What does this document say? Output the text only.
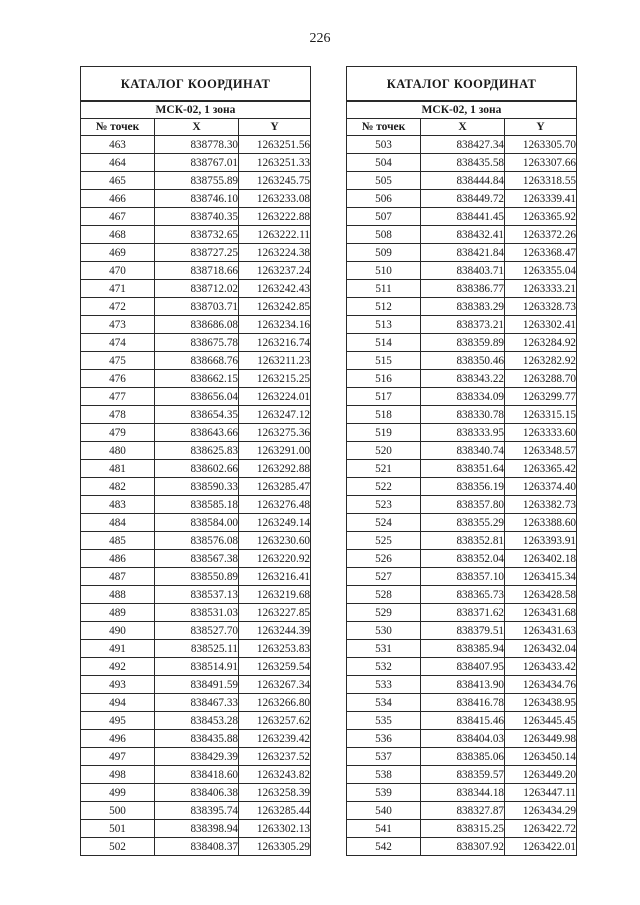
226
КАТАЛОГ КООРДИНАТ		
МСК-02, 1 зона		
№ точек	X	Y
463	838778.30	1263251.56
464	838767.01	1263251.33
465	838755.89	1263245.75
466	838746.10	1263233.08
467	838740.35	1263222.88
468	838732.65	1263222.11
469	838727.25	1263224.38
470	838718.66	1263237.24
471	838712.02	1263242.43
472	838703.71	1263242.85
473	838686.08	1263234.16
474	838675.78	1263216.74
475	838668.76	1263211.23
476	838662.15	1263215.25
477	838656.04	1263224.01
478	838654.35	1263247.12
479	838643.66	1263275.36
480	838625.83	1263291.00
481	838602.66	1263292.88
482	838590.33	1263285.47
483	838585.18	1263276.48
484	838584.00	1263249.14
485	838576.08	1263230.60
486	838567.38	1263220.92
487	838550.89	1263216.41
488	838537.13	1263219.68
489	838531.03	1263227.85
490	838527.70	1263244.39
491	838525.11	1263253.83
492	838514.91	1263259.54
493	838491.59	1263267.34
494	838467.33	1263266.80
495	838453.28	1263257.62
496	838435.88	1263239.42
497	838429.39	1263237.52
498	838418.60	1263243.82
499	838406.38	1263258.39
500	838395.74	1263285.44
501	838398.94	1263302.13
502	838408.37	1263305.29
КАТАЛОГ КООРДИНАТ		
МСК-02, 1 зона		
№ точек	X	Y
503	838427.34	1263305.70
504	838435.58	1263307.66
505	838444.84	1263318.55
506	838449.72	1263339.41
507	838441.45	1263365.92
508	838432.41	1263372.26
509	838421.84	1263368.47
510	838403.71	1263355.04
511	838386.77	1263333.21
512	838383.29	1263328.73
513	838373.21	1263302.41
514	838359.89	1263284.92
515	838350.46	1263282.92
516	838343.22	1263288.70
517	838334.09	1263299.77
518	838330.78	1263315.15
519	838333.95	1263333.60
520	838340.74	1263348.57
521	838351.64	1263365.42
522	838356.19	1263374.40
523	838357.80	1263382.73
524	838355.29	1263388.60
525	838352.81	1263393.91
526	838352.04	1263402.18
527	838357.10	1263415.34
528	838365.73	1263428.58
529	838371.62	1263431.68
530	838379.51	1263431.63
531	838385.94	1263432.04
532	838407.95	1263433.42
533	838413.90	1263434.76
534	838416.78	1263438.95
535	838415.46	1263445.45
536	838404.03	1263449.98
537	838385.06	1263450.14
538	838359.57	1263449.20
539	838344.18	1263447.11
540	838327.87	1263434.29
541	838315.25	1263422.72
542	838307.92	1263422.01
